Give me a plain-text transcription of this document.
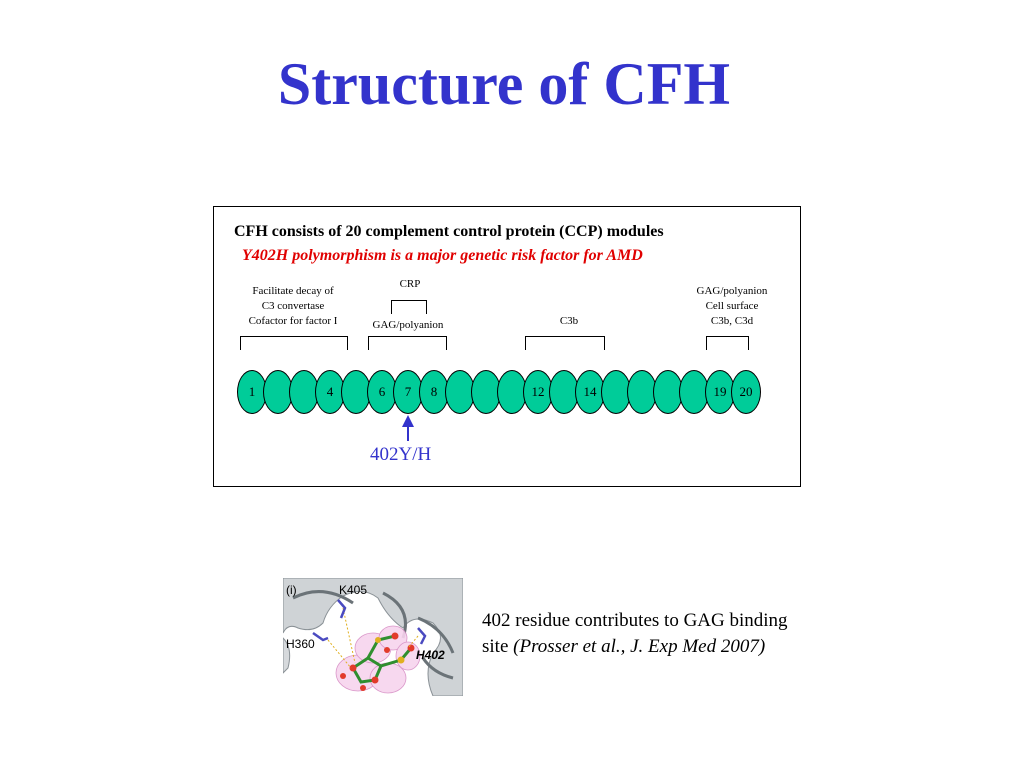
Structure of CFH
CFH consists of 20 complement control protein (CCP) modules
Y402H polymorphism is a major genetic risk factor for AMD
Facilitate decay of
C3 convertase
Cofactor for factor I
CRP
GAG/polyanion	C3b
GAG/polyanion
Cell surface
C3b, C3d
1	4	6	7	8	12	14	19	20
402Y/H
(i)	K405
H360
H402
402 residue contributes to GAG binding site (Prosser et al., J. Exp Med 2007)
